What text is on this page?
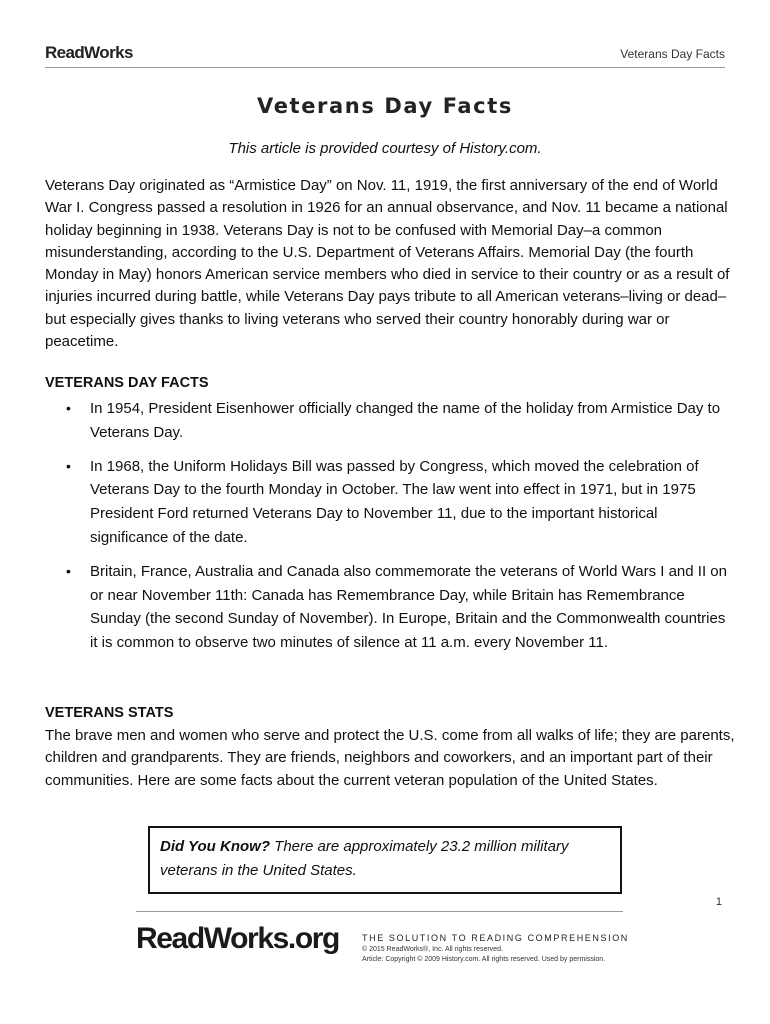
ReadWorks	Veterans Day Facts
Veterans Day Facts
This article is provided courtesy of History.com.

Veterans Day originated as “Armistice Day” on Nov. 11, 1919, the first anniversary of the end of World War I. Congress passed a resolution in 1926 for an annual observance, and Nov. 11 became a national holiday beginning in 1938. Veterans Day is not to be confused with Memorial Day–a common misunderstanding, according to the U.S. Department of Veterans Affairs. Memorial Day (the fourth Monday in May) honors American service members who died in service to their country or as a result of injuries incurred during battle, while Veterans Day pays tribute to all American veterans–living or dead–but especially gives thanks to living veterans who served their country honorably during war or peacetime.

VETERANS DAY FACTS
• In 1954, President Eisenhower officially changed the name of the holiday from Armistice Day to Veterans Day.
• In 1968, the Uniform Holidays Bill was passed by Congress, which moved the celebration of Veterans Day to the fourth Monday in October. The law went into effect in 1971, but in 1975 President Ford returned Veterans Day to November 11, due to the important historical significance of the date.
• Britain, France, Australia and Canada also commemorate the veterans of World Wars I and II on or near November 11th: Canada has Remembrance Day, while Britain has Remembrance Sunday (the second Sunday of November). In Europe, Britain and the Commonwealth countries it is common to observe two minutes of silence at 11 a.m. every November 11.
VETERANS STATS

The brave men and women who serve and protect the U.S. come from all walks of life; they are parents, children and grandparents. They are friends, neighbors and coworkers, and an important part of their communities. Here are some facts about the current veteran population of the United States.

Did You Know? There are approximately 23.2 million military veterans in the United States.
1
ReadWorks.org	THE SOLUTION TO READING COMPREHENSION
© 2015 ReadWorks®, Inc. All rights reserved.
Article: Copyright © 2009 History.com. All rights reserved. Used by permission.
